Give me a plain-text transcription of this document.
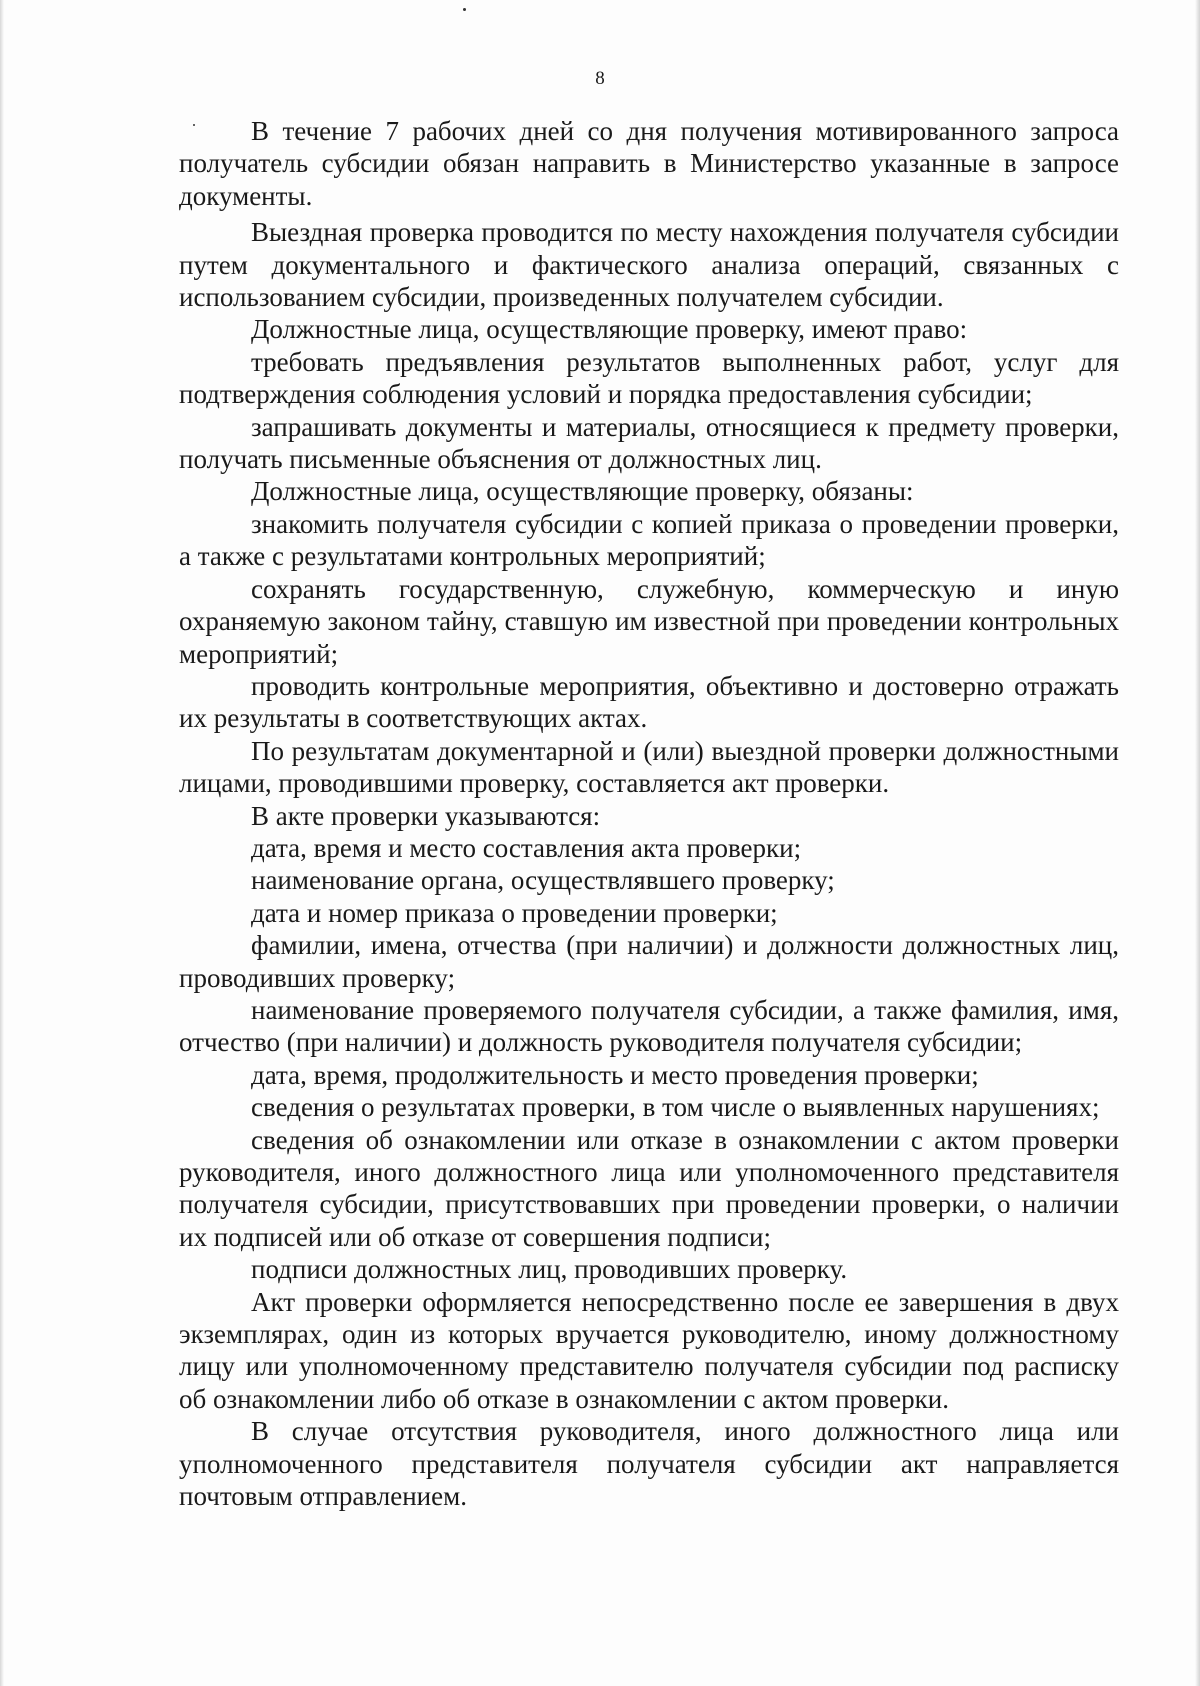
8

В течение 7 рабочих дней со дня получения мотивированного запроса получатель субсидии обязан направить в Министерство указанные в запросе документы.

Выездная проверка проводится по месту нахождения получателя субсидии путем документального и фактического анализа операций, связанных с использованием субсидии, произведенных получателем субсидии.

Должностные лица, осуществляющие проверку, имеют право:

требовать предъявления результатов выполненных работ, услуг для подтверждения соблюдения условий и порядка предоставления субсидии;

запрашивать документы и материалы, относящиеся к предмету проверки, получать письменные объяснения от должностных лиц.

Должностные лица, осуществляющие проверку, обязаны:

знакомить получателя субсидии с копией приказа о проведении проверки, а также с результатами контрольных мероприятий;

сохранять государственную, служебную, коммерческую и иную охраняемую законом тайну, ставшую им известной при проведении контрольных мероприятий;

проводить контрольные мероприятия, объективно и достоверно отражать их результаты в соответствующих актах.

По результатам документарной и (или) выездной проверки должностными лицами, проводившими проверку, составляется акт проверки.

В акте проверки указываются:

дата, время и место составления акта проверки;

наименование органа, осуществлявшего проверку;

дата и номер приказа о проведении проверки;

фамилии, имена, отчества (при наличии) и должности должностных лиц, проводивших проверку;

наименование проверяемого получателя субсидии, а также фамилия, имя, отчество (при наличии) и должность руководителя получателя субсидии;

дата, время, продолжительность и место проведения проверки;

сведения о результатах проверки, в том числе о выявленных нарушениях;

сведения об ознакомлении или отказе в ознакомлении с актом проверки руководителя, иного должностного лица или уполномоченного представителя получателя субсидии, присутствовавших при проведении проверки, о наличии их подписей или об отказе от совершения подписи;

подписи должностных лиц, проводивших проверку.

Акт проверки оформляется непосредственно после ее завершения в двух экземплярах, один из которых вручается руководителю, иному должностному лицу или уполномоченному представителю получателя субсидии под расписку об ознакомлении либо об отказе в ознакомлении с актом проверки.

В случае отсутствия руководителя, иного должностного лица или уполномоченного представителя получателя субсидии акт направляется почтовым отправлением.
